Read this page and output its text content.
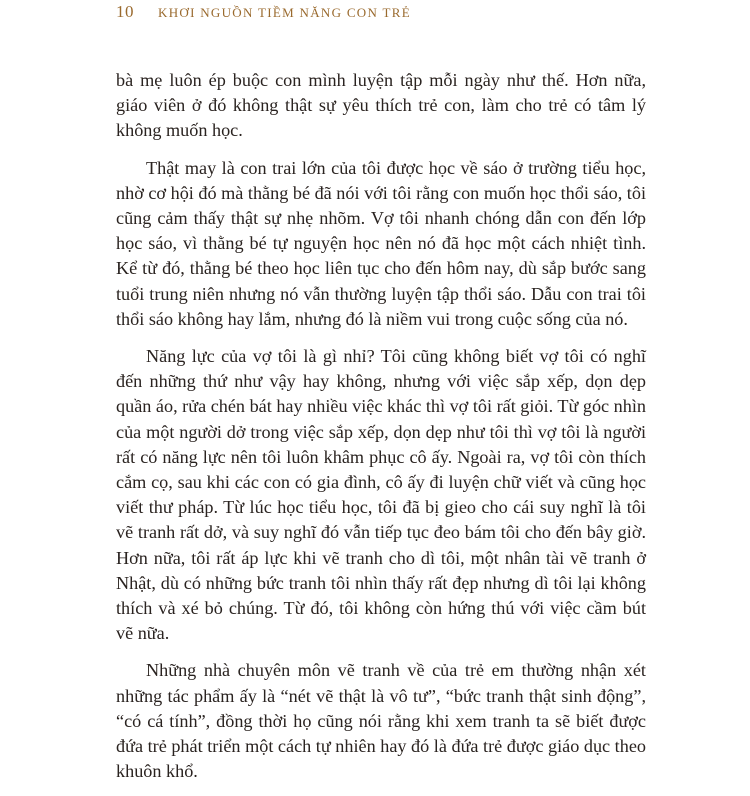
10 KHƠI NGUỒN TIỀM NĂNG CON TRẺ

bà mẹ luôn ép buộc con mình luyện tập mỗi ngày như thế. Hơn nữa, giáo viên ở đó không thật sự yêu thích trẻ con, làm cho trẻ có tâm lý không muốn học.

Thật may là con trai lớn của tôi được học về sáo ở trường tiểu học, nhờ cơ hội đó mà thằng bé đã nói với tôi rằng con muốn học thổi sáo, tôi cũng cảm thấy thật sự nhẹ nhõm. Vợ tôi nhanh chóng dẫn con đến lớp học sáo, vì thằng bé tự nguyện học nên nó đã học một cách nhiệt tình. Kể từ đó, thằng bé theo học liên tục cho đến hôm nay, dù sắp bước sang tuổi trung niên nhưng nó vẫn thường luyện tập thổi sáo. Dẫu con trai tôi thổi sáo không hay lắm, nhưng đó là niềm vui trong cuộc sống của nó.

Năng lực của vợ tôi là gì nhỉ? Tôi cũng không biết vợ tôi có nghĩ đến những thứ như vậy hay không, nhưng với việc sắp xếp, dọn dẹp quần áo, rửa chén bát hay nhiều việc khác thì vợ tôi rất giỏi. Từ góc nhìn của một người dở trong việc sắp xếp, dọn dẹp như tôi thì vợ tôi là người rất có năng lực nên tôi luôn khâm phục cô ấy. Ngoài ra, vợ tôi còn thích cắm cọ, sau khi các con có gia đình, cô ấy đi luyện chữ viết và cũng học viết thư pháp. Từ lúc học tiểu học, tôi đã bị gieo cho cái suy nghĩ là tôi vẽ tranh rất dở, và suy nghĩ đó vẫn tiếp tục đeo bám tôi cho đến bây giờ. Hơn nữa, tôi rất áp lực khi vẽ tranh cho dì tôi, một nhân tài vẽ tranh ở Nhật, dù có những bức tranh tôi nhìn thấy rất đẹp nhưng dì tôi lại không thích và xé bỏ chúng. Từ đó, tôi không còn hứng thú với việc cầm bút vẽ nữa.

Những nhà chuyên môn vẽ tranh về của trẻ em thường nhận xét những tác phẩm ấy là “nét vẽ thật là vô tư”, “bức tranh thật sinh động”, “có cá tính”, đồng thời họ cũng nói rằng khi xem tranh ta sẽ biết được đứa trẻ phát triển một cách tự nhiên hay đó là đứa trẻ được giáo dục theo khuôn khổ.
